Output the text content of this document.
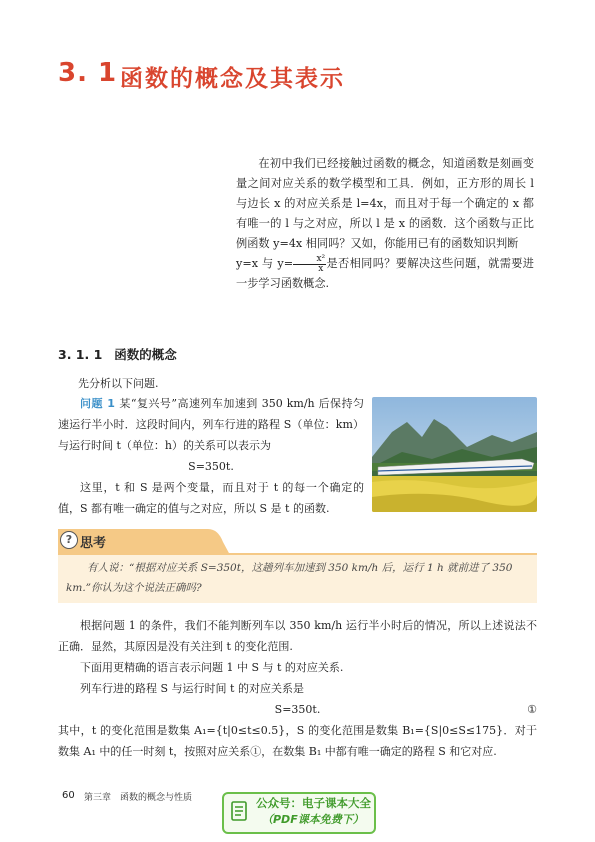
3. 1 函数的概念及其表示

在初中我们已经接触过函数的概念，知道函数是刻画变量之间对应关系的数学模型和工具．例如，正方形的周长 l 与边长 x 的对应关系是 l=4x，而且对于每一个确定的 x 都有唯一的 l 与之对应，所以 l 是 x 的函数．这个函数与正比例函数 y=4x 相同吗？又如，你能用已有的函数知识判断
y=x 与 $y= \frac{\text{x²}}{x}$ 是否相同吗？要解决这些问题，就需要进一步学习函数概念.

3. 1. 1 函数的概念
先分析以下问题.

问题 1 某“复兴号”高速列车加速到 350 km/h 后保持匀速运行半小时．这段时间内，列车行进的路程 S（单位：km）与运行时间 t（单位：h）的关系可以表示为

S=350t.

这里，t 和 S 是两个变量，而且对于 t 的每一个确定的值，S 都有唯一确定的值与之对应，所以 S 是 t 的函数.

? 思考
有人说：“根据对应关系 S=350t，这趟列车加速到 350 km/h 后，运行 1 h 就前进了 350 km.”你认为这个说法正确吗?

根据问题 1 的条件，我们不能判断列车以 350 km/h 运行半小时后的情况，所以上述说法不正确．显然，其原因是没有关注到 t 的变化范围.

下面用更精确的语言表示问题 1 中 S 与 t 的对应关系.

列车行进的路程 S 与运行时间 t 的对应关系是

S=350t.	①
其中，t 的变化范围是数集 A₁={t|0≤t≤0.5}，S 的变化范围是数集 B₁={S|0≤S≤175}．对于数集 A₁ 中的任一时刻 t，按照对应关系①，在数集 B₁ 中都有唯一确定的路程 S 和它对应.
60 第三章　函数的概念与性质	公众号：电子课本大全
（PDF课本免费下）
